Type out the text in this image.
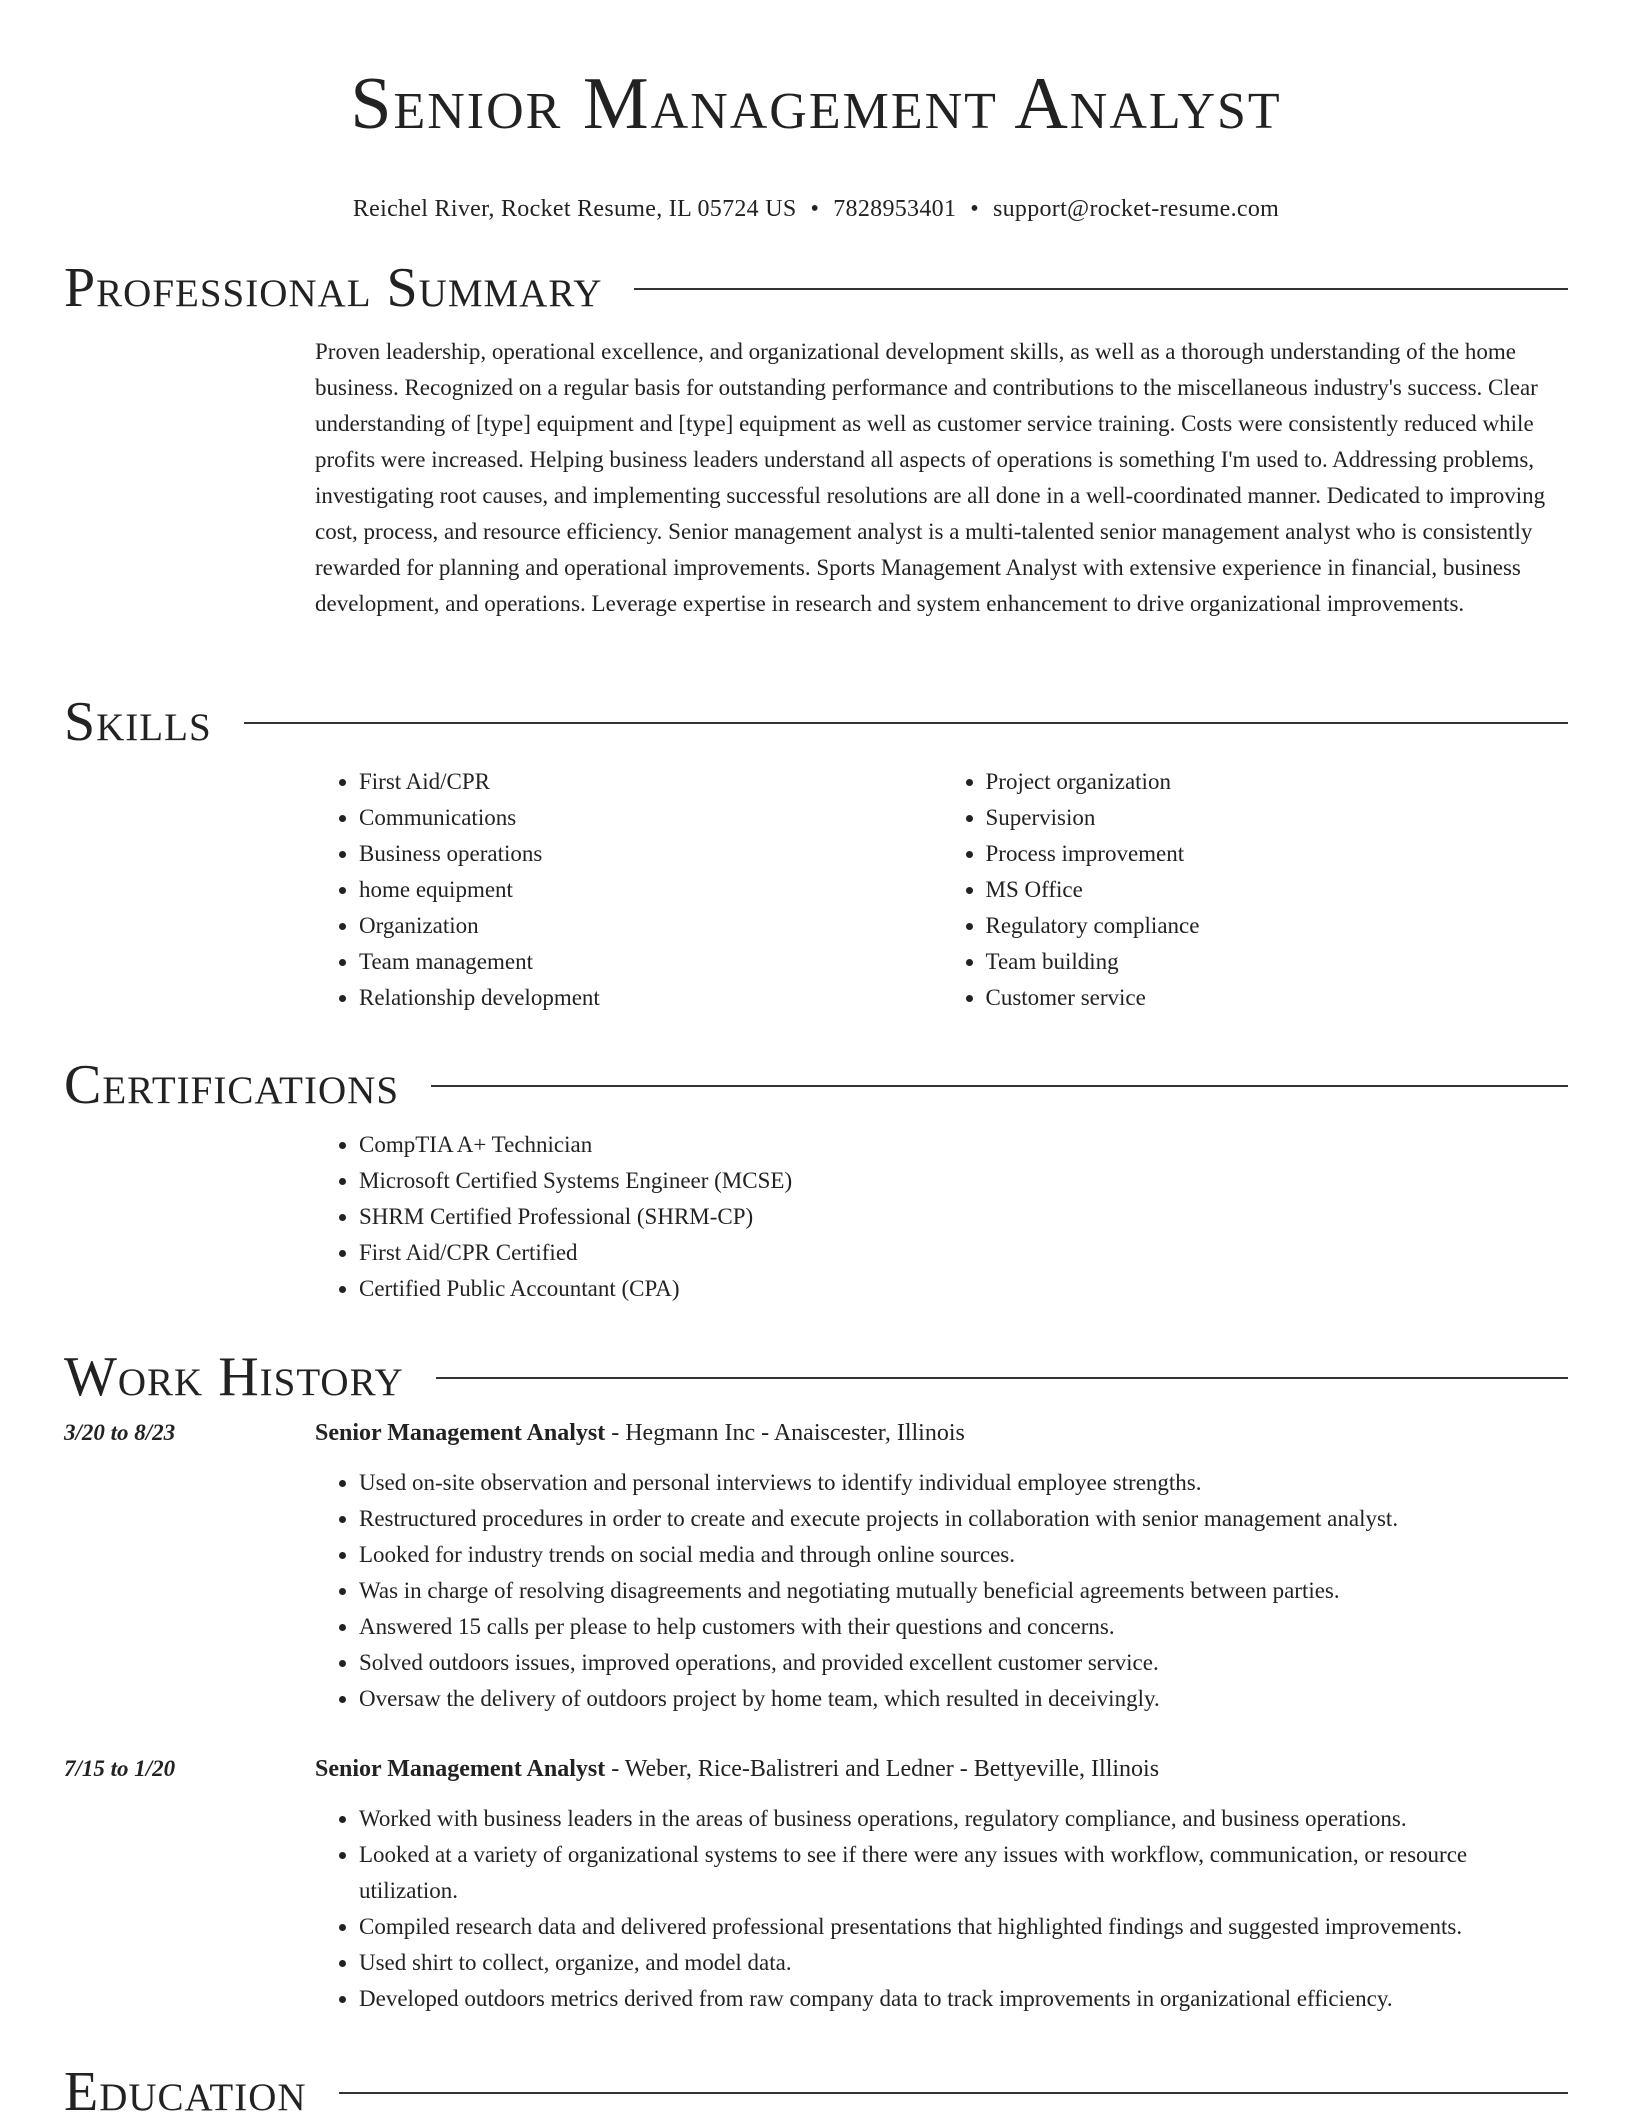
Senior Management Analyst
Reichel River, Rocket Resume, IL 05724 US • 7828953401 • support@rocket-resume.com
Professional Summary

Proven leadership, operational excellence, and organizational development skills, as well as a thorough understanding of the home business. Recognized on a regular basis for outstanding performance and contributions to the miscellaneous industry's success. Clear understanding of [type] equipment and [type] equipment as well as customer service training. Costs were consistently reduced while profits were increased. Helping business leaders understand all aspects of operations is something I'm used to. Addressing problems, investigating root causes, and implementing successful resolutions are all done in a well-coordinated manner. Dedicated to improving cost, process, and resource efficiency. Senior management analyst is a multi-talented senior management analyst who is consistently rewarded for planning and operational improvements. Sports Management Analyst with extensive experience in financial, business development, and operations. Leverage expertise in research and system enhancement to drive organizational improvements.

Skills
• First Aid/CPR
• Communications
• Business operations
• home equipment
• Organization
• Team management
• Relationship development
• Project organization
• Supervision
• Process improvement
• MS Office
• Regulatory compliance
• Team building
• Customer service
Certifications
• CompTIA A+ Technician
• Microsoft Certified Systems Engineer (MCSE)
• SHRM Certified Professional (SHRM-CP)
• First Aid/CPR Certified
• Certified Public Accountant (CPA)
Work History
3/20 to 8/23	Senior Management Analyst - Hegmann Inc - Anaiscester, Illinois
• Used on-site observation and personal interviews to identify individual employee strengths.
• Restructured procedures in order to create and execute projects in collaboration with senior management analyst.
• Looked for industry trends on social media and through online sources.
• Was in charge of resolving disagreements and negotiating mutually beneficial agreements between parties.
• Answered 15 calls per please to help customers with their questions and concerns.
• Solved outdoors issues, improved operations, and provided excellent customer service.
• Oversaw the delivery of outdoors project by home team, which resulted in deceivingly.
7/15 to 1/20	Senior Management Analyst - Weber, Rice-Balistreri and Ledner - Bettyeville, Illinois
• Worked with business leaders in the areas of business operations, regulatory compliance, and business operations.
• Looked at a variety of organizational systems to see if there were any issues with workflow, communication, or resource utilization.
• Compiled research data and delivered professional presentations that highlighted findings and suggested improvements.
• Used shirt to collect, organize, and model data.
• Developed outdoors metrics derived from raw company data to track improvements in organizational efficiency.
Education
